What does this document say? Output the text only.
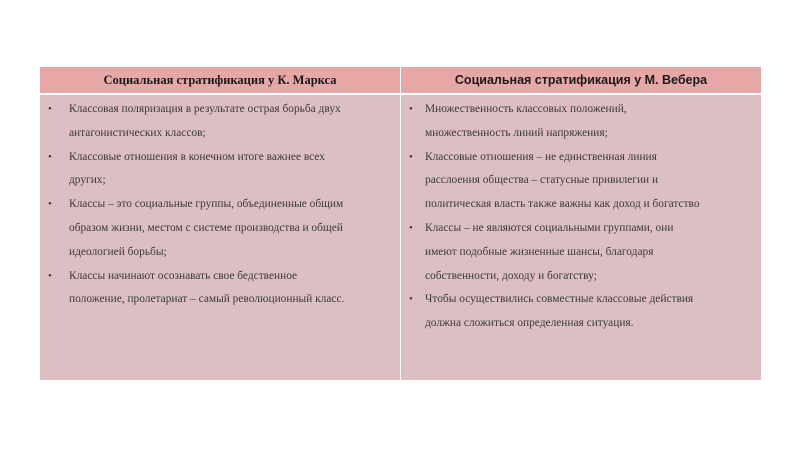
Социальная стратификация у К. Маркса	Социальная стратификация у М. Вебера
• Классовая поляризация в результате острая борьба двух
антагонистических классов;
• Классовые отношения в конечном итоге важнее всех
других;
• Классы – это социальные группы, объединенные общим
образом жизни, местом с системе производства и общей
идеологией борьбы;
• Классы начинают осознавать свое бедственное
положение, пролетариат – самый революционный класс.
• Множественность классовых положений,
множественность линий напряжения;
• Классовые отношения – не единственная линия
расслоения общества – статусные привилегии и
политическая власть также важны как доход и богатство
• Классы – не являются социальными группами, они
имеют подобные жизненные шансы, благодаря
собственности, доходу и богатству;
• Чтобы осуществились совместные классовые действия
должна сложиться определенная ситуация.
